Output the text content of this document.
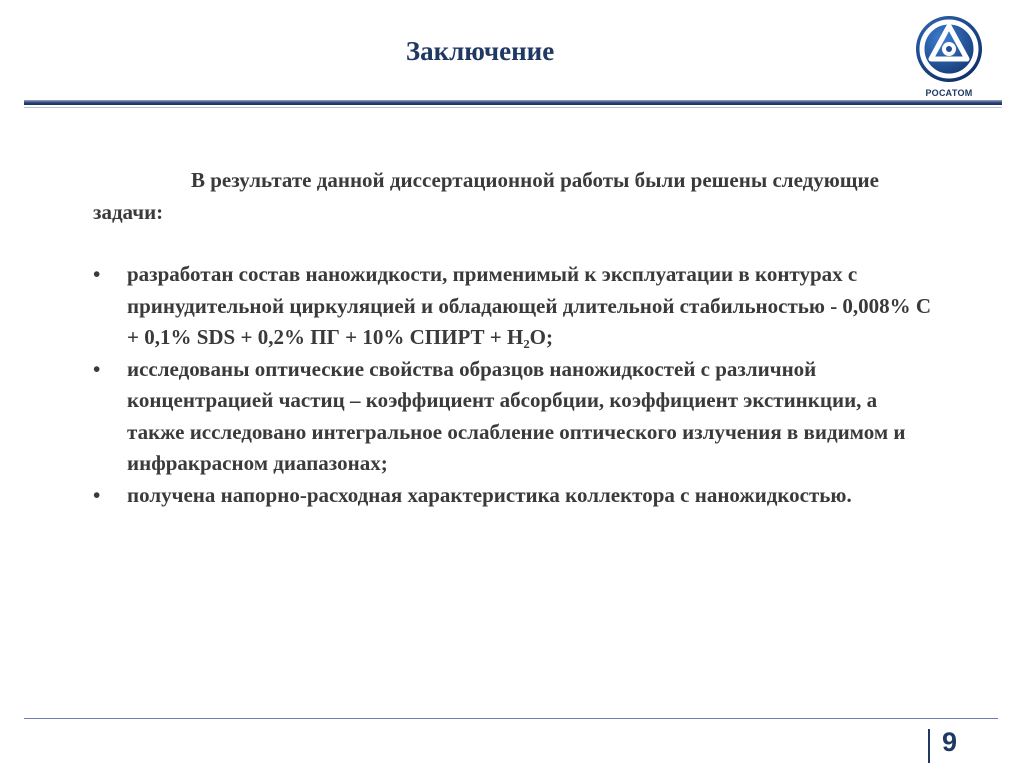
Заключение
РОСАТОМ

В результате данной диссертационной работы были решены следующие задачи:

• разработан состав наножидкости, применимый к эксплуатации в контурах с принудительной циркуляцией и обладающей длительной стабильностью - 0,008% С + 0,1% SDS + 0,2% ПГ + 10% СПИРТ + H₂O;
• исследованы оптические свойства образцов наножидкостей с различной концентрацией частиц – коэффициент абсорбции, коэффициент экстинкции, а также исследовано интегральное ослабление оптического излучения в видимом и инфракрасном диапазонах;
• получена напорно-расходная характеристика коллектора с наножидкостью.
9
